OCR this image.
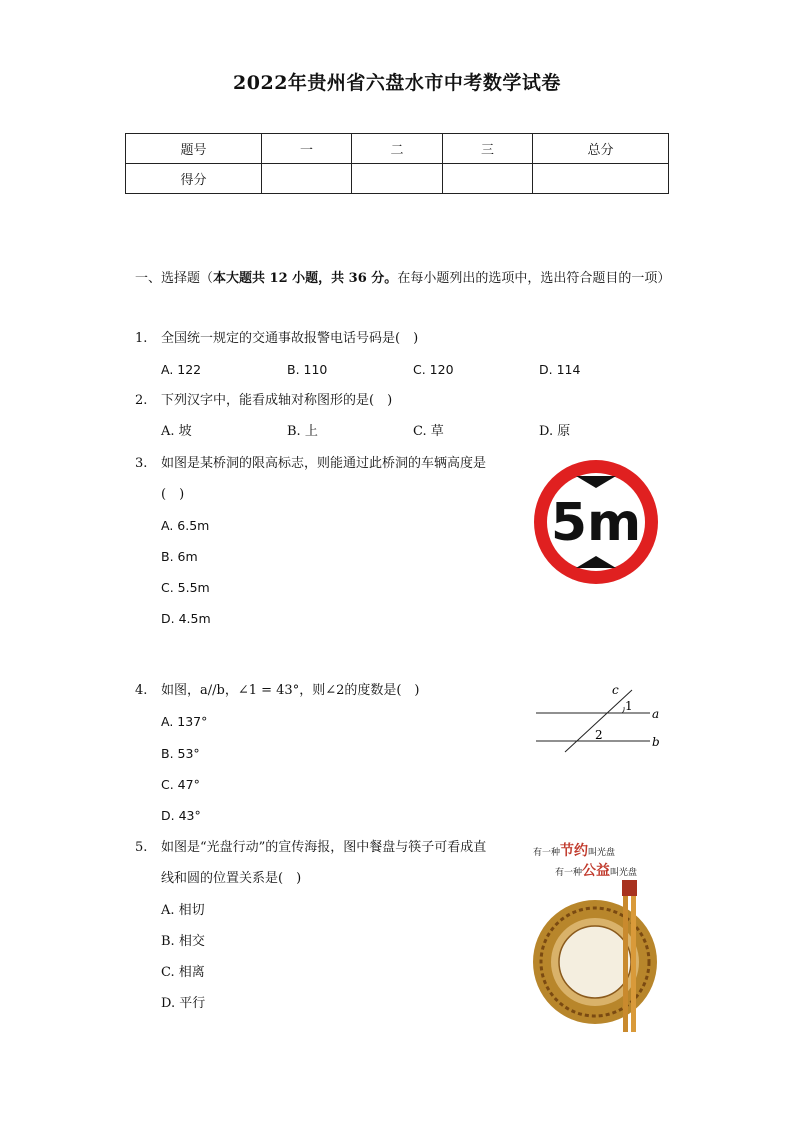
2022年贵州省六盘水市中考数学试卷
题号	一	二	三	总分
得分				
一、选择题（本大题共 12 小题，共 36 分。在每小题列出的选项中，选出符合题目的一项）
1. 全国统一规定的交通事故报警电话号码是(　)
A. 122	B. 110	C. 120	D. 114
2. 下列汉字中，能看成轴对称图形的是(　)
A. 坡	B. 上	C. 草	D. 原
3. 如图是某桥洞的限高标志，则能通过此桥洞的车辆高度是
(　)
A. 6.5m
B. 6m
C. 5.5m
D. 4.5m
5m
4. 如图，a//b，∠1 = 43°，则∠2的度数是(　)
A. 137°
B. 53°
C. 47°
D. 43°
c
a
b
1
2
5. 如图是“光盘行动”的宣传海报，图中餐盘与筷子可看成直
线和圆的位置关系是(　)
A. 相切
B. 相交
C. 相离
D. 平行
有一种节约叫光盘
有一种公益叫光盘
